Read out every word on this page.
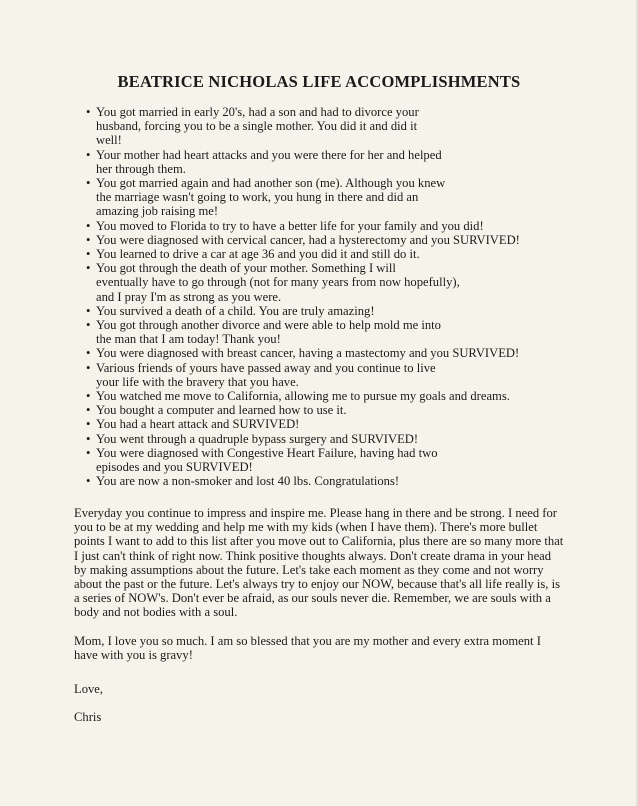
BEATRICE NICHOLAS LIFE ACCOMPLISHMENTS
• You got married in early 20's, had a son and had to divorce your
husband, forcing you to be a single mother. You did it and did it
well!
• Your mother had heart attacks and you were there for her and helped
her through them.
• You got married again and had another son (me). Although you knew
the marriage wasn't going to work, you hung in there and did an
amazing job raising me!
• You moved to Florida to try to have a better life for your family and you did!
• You were diagnosed with cervical cancer, had a hysterectomy and you SURVIVED!
• You learned to drive a car at age 36 and you did it and still do it.
• You got through the death of your mother. Something I will
eventually have to go through (not for many years from now hopefully),
and I pray I'm as strong as you were.
• You survived a death of a child. You are truly amazing!
• You got through another divorce and were able to help mold me into
the man that I am today! Thank you!
• You were diagnosed with breast cancer, having a mastectomy and you SURVIVED!
• Various friends of yours have passed away and you continue to live
your life with the bravery that you have.
• You watched me move to California, allowing me to pursue my goals and dreams.
• You bought a computer and learned how to use it.
• You had a heart attack and SURVIVED!
• You went through a quadruple bypass surgery and SURVIVED!
• You were diagnosed with Congestive Heart Failure, having had two
episodes and you SURVIVED!
• You are now a non-smoker and lost 40 lbs. Congratulations!

Everyday you continue to impress and inspire me. Please hang in there and be strong. I need for
you to be at my wedding and help me with my kids (when I have them). There's more bullet
points I want to add to this list after you move out to California, plus there are so many more that
I just can't think of right now. Think positive thoughts always. Don't create drama in your head
by making assumptions about the future. Let's take each moment as they come and not worry
about the past or the future. Let's always try to enjoy our NOW, because that's all life really is, is
a series of NOW's. Don't ever be afraid, as our souls never die. Remember, we are souls with a
body and not bodies with a soul.

Mom, I love you so much. I am so blessed that you are my mother and every extra moment I
have with you is gravy!

Love,

Chris
